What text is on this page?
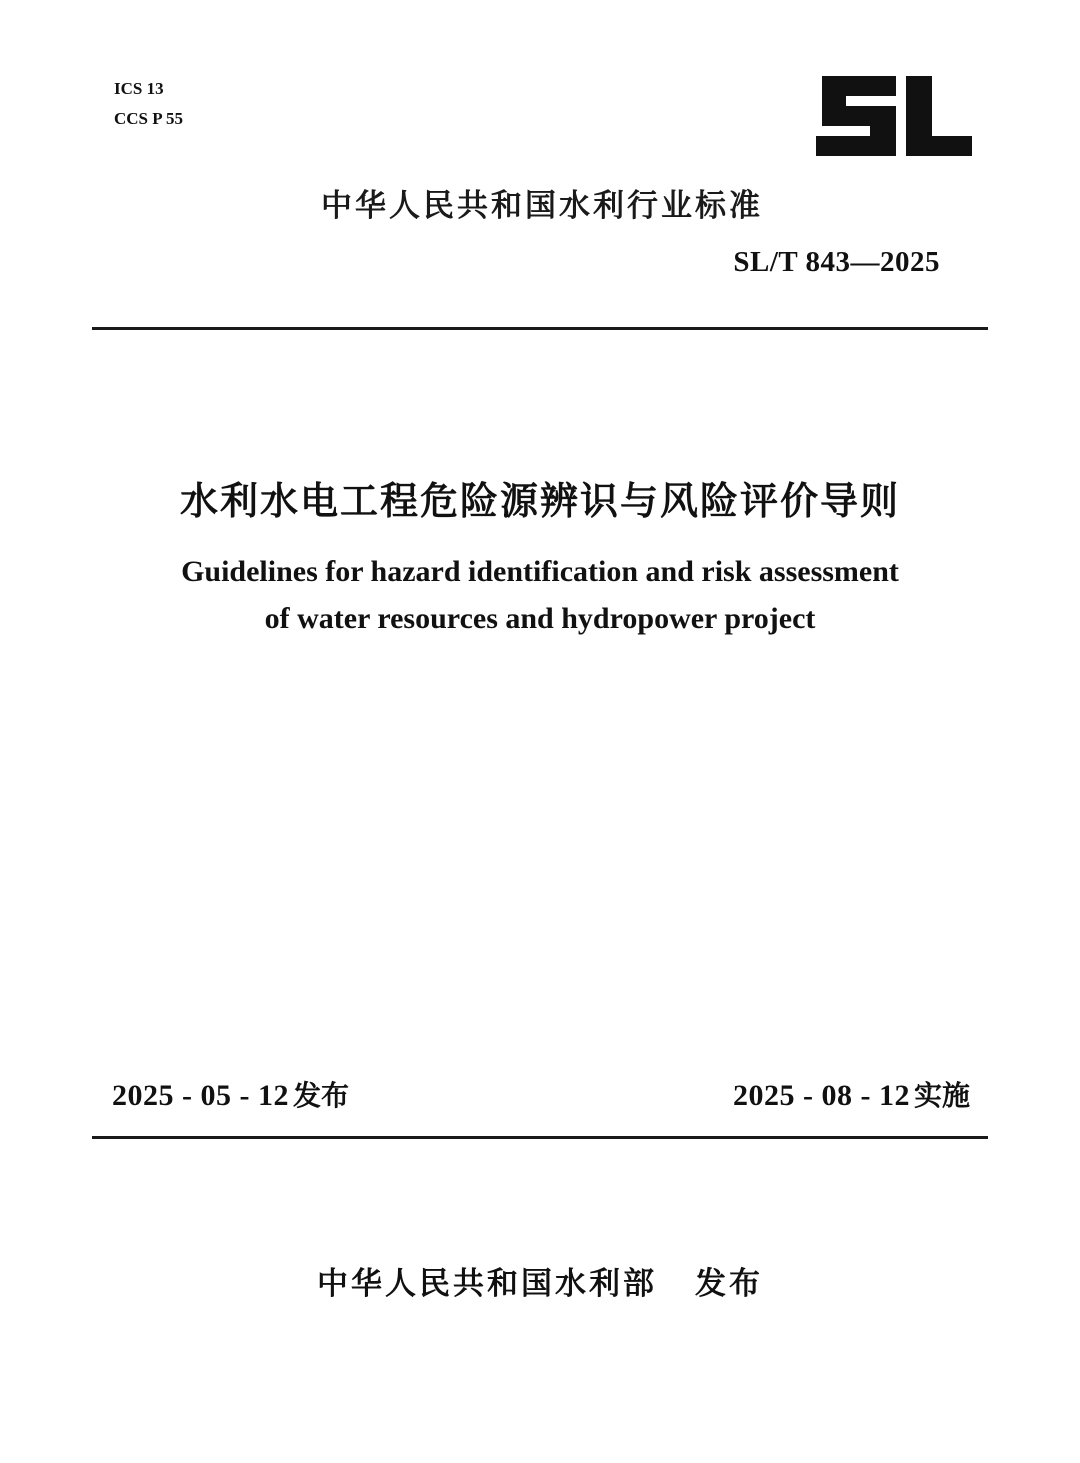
ICS 13
CCS P 55
中华人民共和国水利行业标准
SL/T 843—2025
水利水电工程危险源辨识与风险评价导则
Guidelines for hazard identification and risk assessment
of water resources and hydropower project
2025 - 05 - 12 发布	2025 - 08 - 12 实施
中华人民共和国水利部 发布
